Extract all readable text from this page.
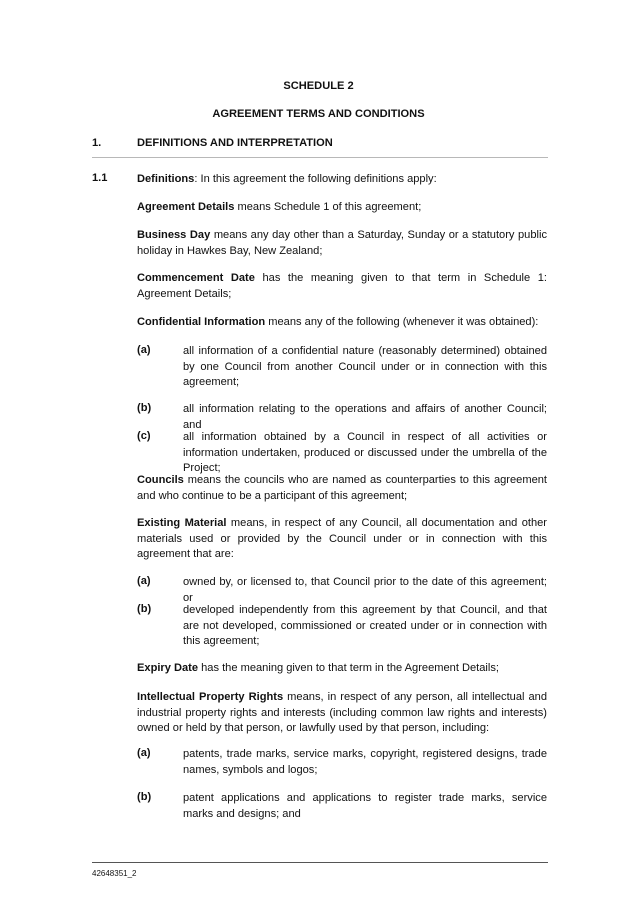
SCHEDULE 2
AGREEMENT TERMS AND CONDITIONS
1.	DEFINITIONS AND INTERPRETATION
1.1	Definitions: In this agreement the following definitions apply:
Agreement Details means Schedule 1 of this agreement;
Business Day means any day other than a Saturday, Sunday or a statutory public holiday in Hawkes Bay, New Zealand;
Commencement Date has the meaning given to that term in Schedule 1: Agreement Details;
Confidential Information means any of the following (whenever it was obtained):
(a)	all information of a confidential nature (reasonably determined) obtained by one Council from another Council under or in connection with this agreement;
(b)	all information relating to the operations and affairs of another Council; and
(c)	all information obtained by a Council in respect of all activities or information undertaken, produced or discussed under the umbrella of the Project;
Councils means the councils who are named as counterparties to this agreement and who continue to be a participant of this agreement;
Existing Material means, in respect of any Council, all documentation and other materials used or provided by the Council under or in connection with this agreement that are:
(a)	owned by, or licensed to, that Council prior to the date of this agreement; or
(b)	developed independently from this agreement by that Council, and that are not developed, commissioned or created under or in connection with this agreement;
Expiry Date has the meaning given to that term in the Agreement Details;
Intellectual Property Rights means, in respect of any person, all intellectual and industrial property rights and interests (including common law rights and interests) owned or held by that person, or lawfully used by that person, including:
(a)	patents, trade marks, service marks, copyright, registered designs, trade names, symbols and logos;
(b)	patent applications and applications to register trade marks, service marks and designs; and
42648351_2
